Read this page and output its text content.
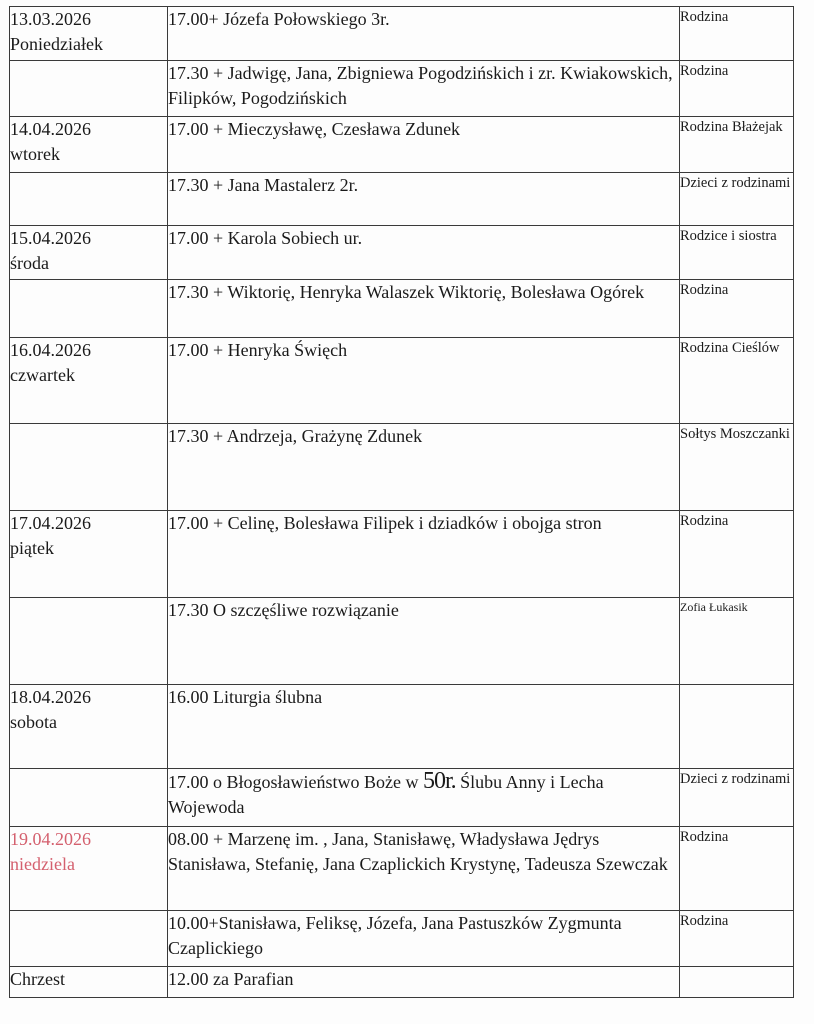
13.03.2026
Poniedziałek	17.00+ Józefa Połowskiego 3r.	Rodzina

	17.30 + Jadwigę, Jana, Zbigniewa Pogodzińskich i zr. Kwiakowskich, Filipków, Pogodzińskich	Rodzina

14.04.2026
wtorek	17.00 + Mieczysławę, Czesława Zdunek	Rodzina Błażejak

	17.30 + Jana Mastalerz 2r.	Dzieci z rodzinami

15.04.2026
środa	17.00 + Karola Sobiech ur.	Rodzice i siostra

	17.30 + Wiktorię, Henryka Walaszek Wiktorię, Bolesława Ogórek	Rodzina

16.04.2026
czwartek	17.00 + Henryka Święch	Rodzina Cieślów

	17.30 + Andrzeja, Grażynę Zdunek	Sołtys Moszczanki

17.04.2026
piątek	17.00 + Celinę, Bolesława Filipek i dziadków i obojga stron	Rodzina

	17.30 O szczęśliwe rozwiązanie	Zofia Łukasik

18.04.2026
sobota	16.00 Liturgia ślubna	

	17.00 o Błogosławieństwo Boże w 50r. Ślubu Anny i Lecha Wojewoda	Dzieci z rodzinami

19.04.2026
niedziela	08.00 + Marzenę im. , Jana, Stanisławę, Władysława Jędrys Stanisława, Stefanię, Jana Czaplickich Krystynę, Tadeusza Szewczak	Rodzina

	10.00+Stanisława, Feliksę, Józefa, Jana Pastuszków Zygmunta Czaplickiego	Rodzina

Chrzest	12.00 za Parafian	
